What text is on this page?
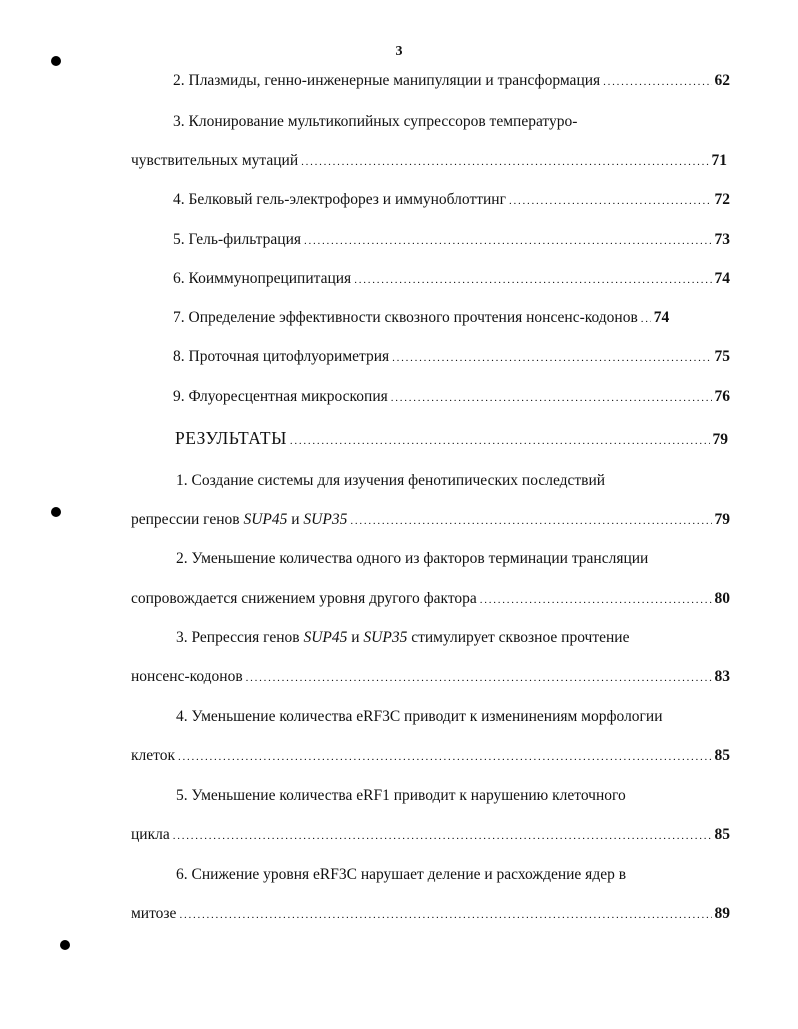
3
2. Плазмиды, генно-инженерные манипуляции и трансформация . . .	62
3. Клонирование мультикопийных супрессоров температуро-
чувствительных мутаций . . .	71
4. Белковый гель-электрофорез и иммуноблоттинг . . .	72
5. Гель-фильтрация . . .	73
6. Коиммунопреципитация . . .	74
7. Определение эффективности сквозного прочтения нонсенс-кодонов . . . 74
8. Проточная цитофлуориметрия . . .	75
9. Флуоресцентная микроскопия . . .	76
РЕЗУЛЬТАТЫ . . .	79
1. Создание системы для изучения фенотипических последствий
репрессии генов SUP45 и SUP35 . . .	79
2. Уменьшение количества одного из факторов терминации трансляции
сопровождается снижением уровня другого фактора . . .	80
3. Репрессия генов SUP45 и SUP35 стимулирует сквозное прочтение
нонсенс-кодонов . . .	83
4. Уменьшение количества eRF3C приводит к изменинениям морфологии
клеток . . .	85
5. Уменьшение количества eRF1 приводит к нарушению клеточного
цикла . . .	85
6. Снижение уровня eRF3C нарушает деление и расхождение ядер в
митозе . . .	89
